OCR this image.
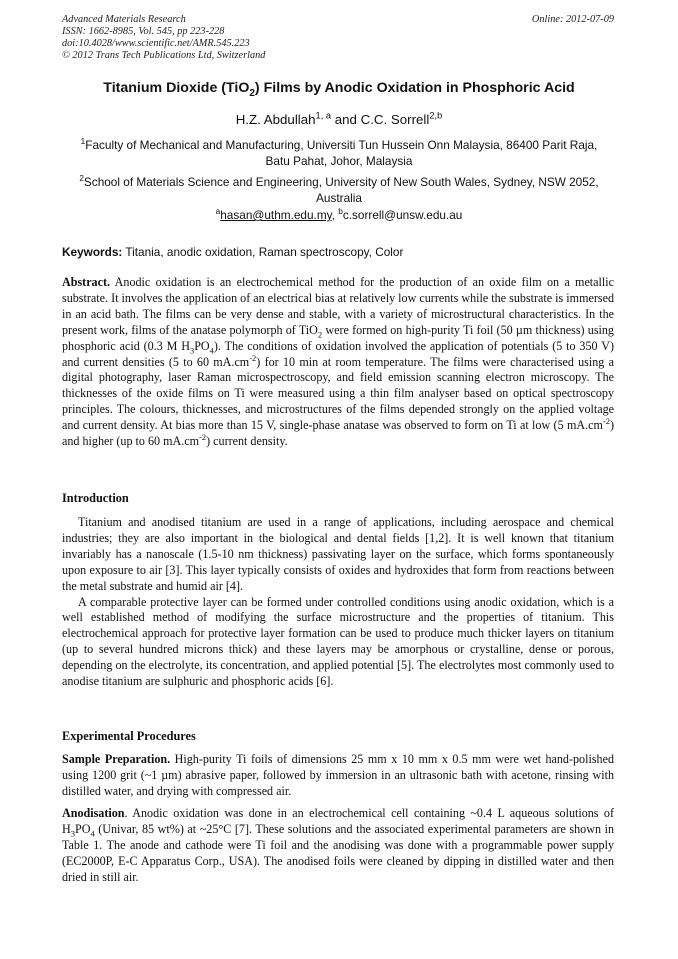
Advanced Materials Research
ISSN: 1662-8985, Vol. 545, pp 223-228
doi:10.4028/www.scientific.net/AMR.545.223
© 2012 Trans Tech Publications Ltd, Switzerland
Online: 2012-07-09
Titanium Dioxide (TiO$_2$) Films by Anodic Oxidation in Phosphoric Acid
H.Z. Abdullah$^{1, a}$ and C.C. Sorrell$^{2,b}$
$^1$Faculty of Mechanical and Manufacturing, Universiti Tun Hussein Onn Malaysia, 86400 Parit Raja, Batu Pahat, Johor, Malaysia
$^2$School of Materials Science and Engineering, University of New South Wales, Sydney, NSW 2052, Australia
$^a$hasan@uthm.edu.my, $^b$c.sorrell@unsw.edu.au
Keywords: Titania, anodic oxidation, Raman spectroscopy, Color
Abstract. Anodic oxidation is an electrochemical method for the production of an oxide film on a metallic substrate. It involves the application of an electrical bias at relatively low currents while the substrate is immersed in an acid bath. The films can be very dense and stable, with a variety of microstructural characteristics. In the present work, films of the anatase polymorph of TiO$_2$ were formed on high-purity Ti foil (50 µm thickness) using phosphoric acid (0.3 M $H_3PO_4$). The conditions of oxidation involved the application of potentials (5 to 350 V) and current densities (5 to 60 $mA.cm^{-2}$) for 10 min at room temperature. The films were characterised using a digital photography, laser Raman microspectroscopy, and field emission scanning electron microscopy. The thicknesses of the oxide films on Ti were measured using a thin film analyser based on optical spectroscopy principles. The colours, thicknesses, and microstructures of the films depended strongly on the applied voltage and current density. At bias more than 15 V, single-phase anatase was observed to form on Ti at low (5 $mA.cm^{-2}$) and higher (up to 60 $mA.cm^{-2}$) current density.
Introduction

Titanium and anodised titanium are used in a range of applications, including aerospace and chemical industries; they are also important in the biological and dental fields [1,2]. It is well known that titanium invariably has a nanoscale (1.5-10 nm thickness) passivating layer on the surface, which forms spontaneously upon exposure to air [3]. This layer typically consists of oxides and hydroxides that form from reactions between the metal substrate and humid air [4].

A comparable protective layer can be formed under controlled conditions using anodic oxidation, which is a well established method of modifying the surface microstructure and the properties of titanium. This electrochemical approach for protective layer formation can be used to produce much thicker layers on titanium (up to several hundred microns thick) and these layers may be amorphous or crystalline, dense or porous, depending on the electrolyte, its concentration, and applied potential [5]. The electrolytes most commonly used to anodise titanium are sulphuric and phosphoric acids [6].

Experimental Procedures
Sample Preparation. High-purity Ti foils of dimensions 25 mm x 10 mm x 0.5 mm were wet hand-polished using 1200 grit (~1 µm) abrasive paper, followed by immersion in an ultrasonic bath with acetone, rinsing with distilled water, and drying with compressed air.
Anodisation. Anodic oxidation was done in an electrochemical cell containing ~0.4 L aqueous solutions of $H_3PO_4$ (Univar, 85 wt%) at ~25°C [7]. These solutions and the associated experimental parameters are shown in Table 1. The anode and cathode were Ti foil and the anodising was done with a programmable power supply (EC2000P, E-C Apparatus Corp., USA). The anodised foils were cleaned by dipping in distilled water and then dried in still air.
